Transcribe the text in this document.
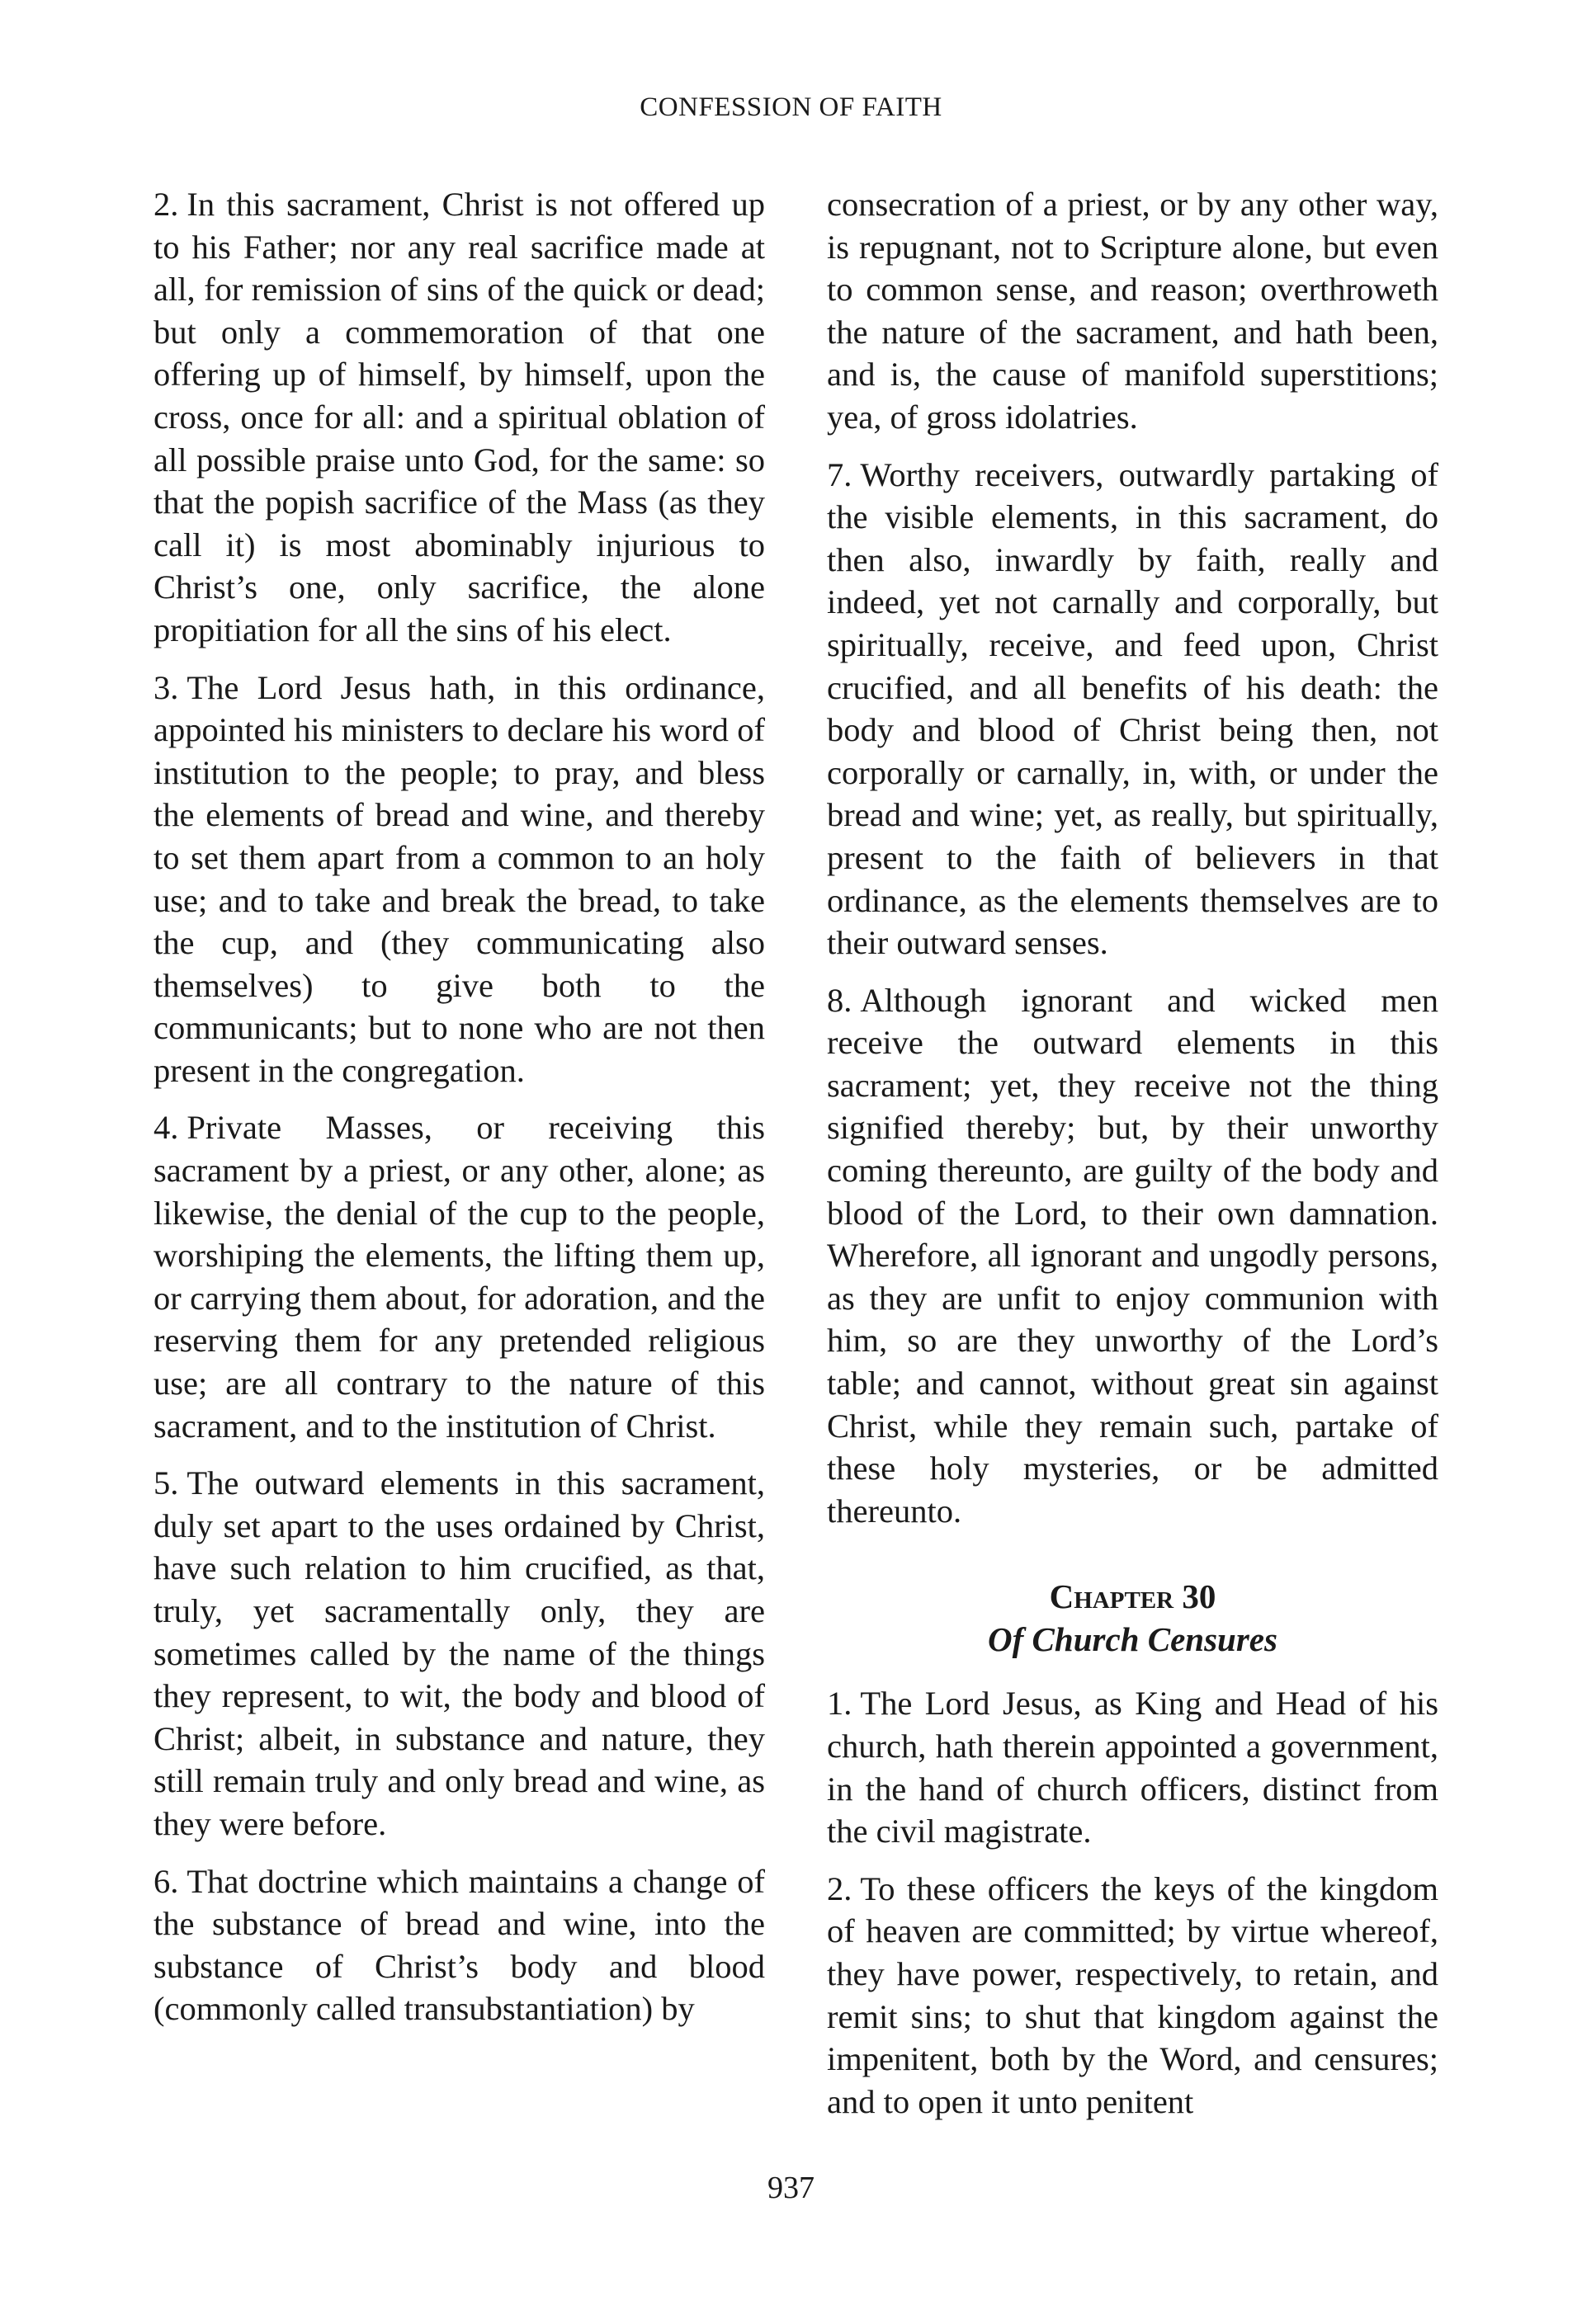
CONFESSION OF FAITH

2. In this sacrament, Christ is not offered up to his Father; nor any real sacrifice made at all, for remission of sins of the quick or dead; but only a commemoration of that one offering up of himself, by himself, upon the cross, once for all: and a spiritual oblation of all possible praise unto God, for the same: so that the popish sacrifice of the Mass (as they call it) is most abominably injurious to Christ’s one, only sacrifice, the alone propitiation for all the sins of his elect.

3. The Lord Jesus hath, in this ordinance, appointed his ministers to declare his word of institution to the people; to pray, and bless the elements of bread and wine, and thereby to set them apart from a common to an holy use; and to take and break the bread, to take the cup, and (they communicating also themselves) to give both to the communicants; but to none who are not then present in the congregation.

4. Private Masses, or receiving this sacrament by a priest, or any other, alone; as likewise, the denial of the cup to the people, worshiping the elements, the lifting them up, or carrying them about, for adoration, and the reserving them for any pretended religious use; are all contrary to the nature of this sacrament, and to the institution of Christ.

5. The outward elements in this sacrament, duly set apart to the uses ordained by Christ, have such relation to him crucified, as that, truly, yet sacramentally only, they are sometimes called by the name of the things they represent, to wit, the body and blood of Christ; albeit, in substance and nature, they still remain truly and only bread and wine, as they were before.

6. That doctrine which maintains a change of the substance of bread and wine, into the substance of Christ’s body and blood (commonly called transubstantiation) by

consecration of a priest, or by any other way, is repugnant, not to Scripture alone, but even to common sense, and reason; overthroweth the nature of the sacrament, and hath been, and is, the cause of manifold superstitions; yea, of gross idolatries.

7. Worthy receivers, outwardly partaking of the visible elements, in this sacrament, do then also, inwardly by faith, really and indeed, yet not carnally and corporally, but spiritually, receive, and feed upon, Christ crucified, and all benefits of his death: the body and blood of Christ being then, not corporally or carnally, in, with, or under the bread and wine; yet, as really, but spiritually, present to the faith of believers in that ordinance, as the elements themselves are to their outward senses.

8. Although ignorant and wicked men receive the outward elements in this sacrament; yet, they receive not the thing signified thereby; but, by their unworthy coming thereunto, are guilty of the body and blood of the Lord, to their own damnation. Wherefore, all ignorant and ungodly persons, as they are unfit to enjoy communion with him, so are they unworthy of the Lord’s table; and cannot, without great sin against Christ, while they remain such, partake of these holy mysteries, or be admitted thereunto.

Chapter 30
Of Church Censures

1. The Lord Jesus, as King and Head of his church, hath therein appointed a government, in the hand of church officers, distinct from the civil magistrate.

2. To these officers the keys of the kingdom of heaven are committed; by virtue whereof, they have power, respectively, to retain, and remit sins; to shut that kingdom against the impenitent, both by the Word, and censures; and to open it unto penitent

937
